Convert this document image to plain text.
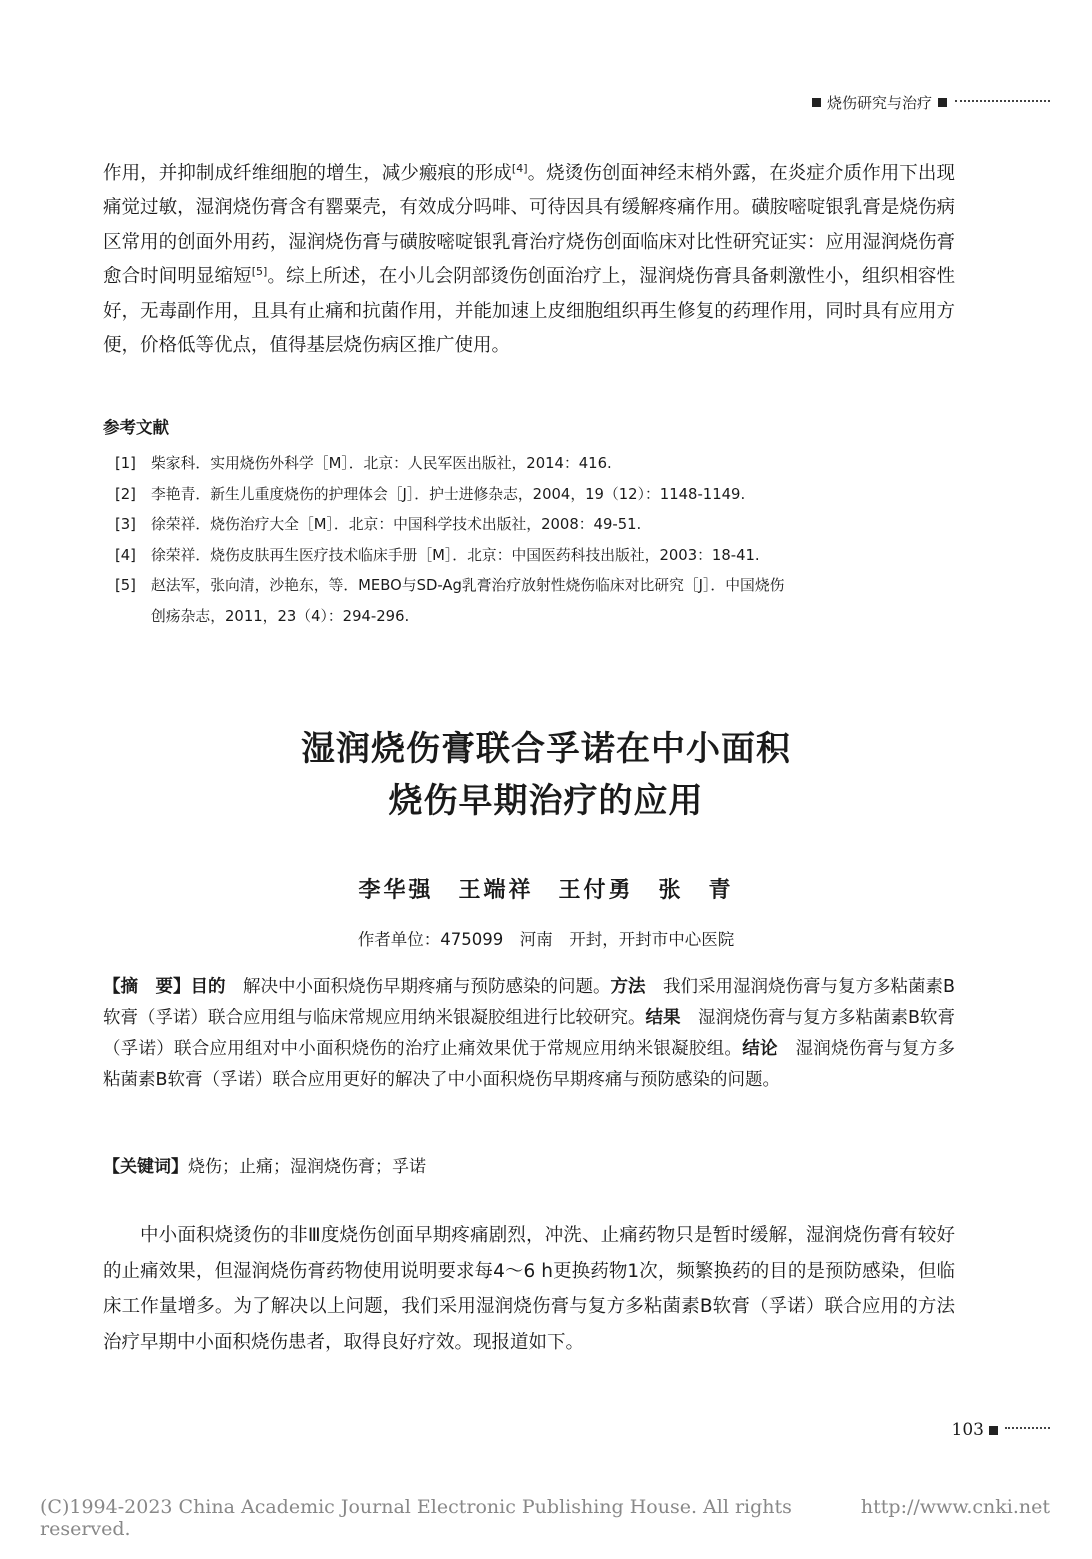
烧伤研究与治疗
作用，并抑制成纤维细胞的增生，减少瘢痕的形成[4]。烧烫伤创面神经末梢外露，在炎症介质作用下出现痛觉过敏，湿润烧伤膏含有罂粟壳，有效成分吗啡、可待因具有缓解疼痛作用。磺胺嘧啶银乳膏是烧伤病区常用的创面外用药，湿润烧伤膏与磺胺嘧啶银乳膏治疗烧伤创面临床对比性研究证实：应用湿润烧伤膏愈合时间明显缩短[5]。综上所述，在小儿会阴部烫伤创面治疗上，湿润烧伤膏具备刺激性小，组织相容性好，无毒副作用，且具有止痛和抗菌作用，并能加速上皮细胞组织再生修复的药理作用，同时具有应用方便，价格低等优点，值得基层烧伤病区推广使用。
参考文献
[1] 柴家科．实用烧伤外科学［M］．北京：人民军医出版社，2014：416.
[2] 李艳青．新生儿重度烧伤的护理体会［J］．护士进修杂志，2004，19（12）：1148-1149.
[3] 徐荣祥．烧伤治疗大全［M］．北京：中国科学技术出版社，2008：49-51.
[4] 徐荣祥．烧伤皮肤再生医疗技术临床手册［M］．北京：中国医药科技出版社，2003：18-41.
[5] 赵法军，张向清，沙艳东，等．MEBO与SD-Ag乳膏治疗放射性烧伤临床对比研究［J］．中国烧伤
创疡杂志，2011，23（4）：294-296.
湿润烧伤膏联合孚诺在中小面积
烧伤早期治疗的应用
李华强　王端祥　王付勇　张　青
作者单位：475099　河南　开封，开封市中心医院
【摘　要】目的　解决中小面积烧伤早期疼痛与预防感染的问题。方法　我们采用湿润烧伤膏与复方多粘菌素B软膏（孚诺）联合应用组与临床常规应用纳米银凝胶组进行比较研究。结果　湿润烧伤膏与复方多粘菌素B软膏（孚诺）联合应用组对中小面积烧伤的治疗止痛效果优于常规应用纳米银凝胶组。结论　湿润烧伤膏与复方多粘菌素B软膏（孚诺）联合应用更好的解决了中小面积烧伤早期疼痛与预防感染的问题。
【关键词】烧伤；止痛；湿润烧伤膏；孚诺
中小面积烧烫伤的非Ⅲ度烧伤创面早期疼痛剧烈，冲洗、止痛药物只是暂时缓解，湿润烧伤膏有较好的止痛效果，但湿润烧伤膏药物使用说明要求每4～6 h更换药物1次，频繁换药的目的是预防感染，但临床工作量增多。为了解决以上问题，我们采用湿润烧伤膏与复方多粘菌素B软膏（孚诺）联合应用的方法治疗早期中小面积烧伤患者，取得良好疗效。现报道如下。
103
(C)1994-2023 China Academic Journal Electronic Publishing House. All rights reserved.
http://www.cnki.net
